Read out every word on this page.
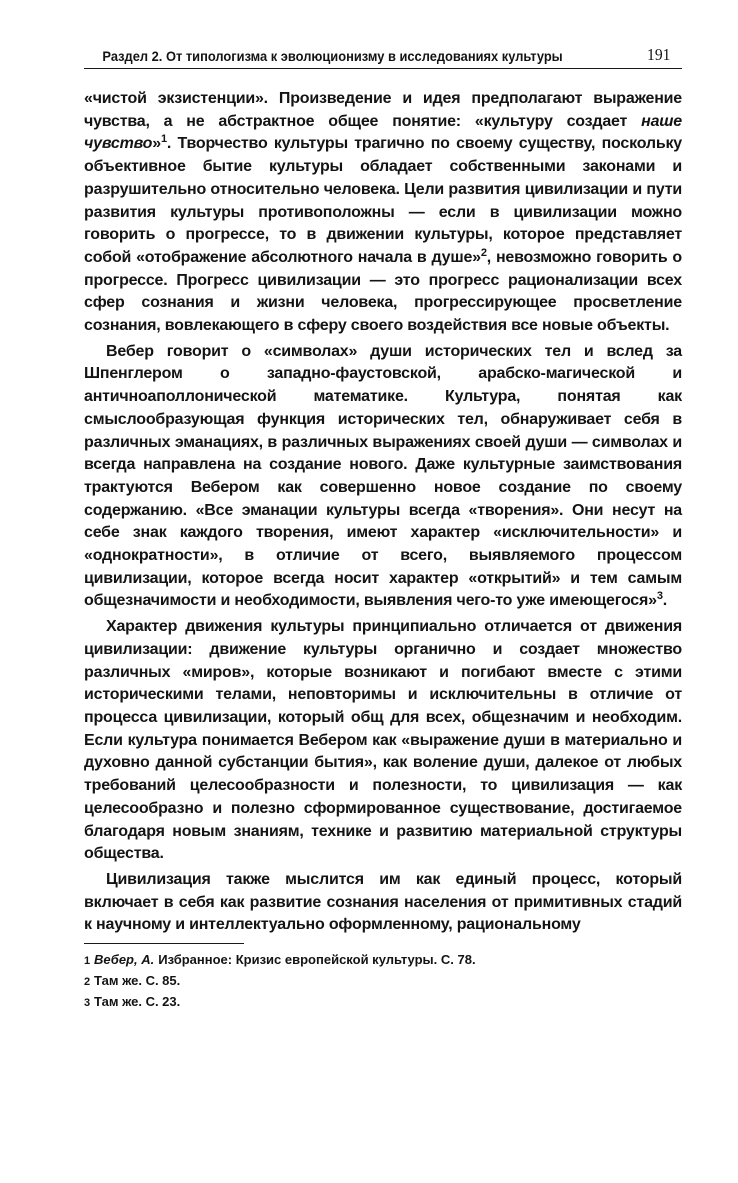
Раздел 2. От типологизма к эволюционизму в исследованиях культуры	191

«чистой экзистенции». Произведение и идея предполагают выражение чувства, а не абстрактное общее понятие: «культуру создает наше чувство»$^1$. Творчество культуры трагично по своему существу, поскольку объективное бытие культуры обладает собственными законами и разрушительно относительно человека. Цели развития цивилизации и пути развития культуры противоположны — если в цивилизации можно говорить о прогрессе, то в движении культуры, которое представляет собой «отображение абсолютного начала в душе»$^2$, невозможно говорить о прогрессе. Прогресс цивилизации — это прогресс рационализации всех сфер сознания и жизни человека, прогрессирующее просветление сознания, вовлекающего в сферу своего воздействия все новые объекты.

Вебер говорит о «символах» души исторических тел и вслед за Шпенглером о западно-фаустовской, арабско-магической и античноаполлонической математике. Культура, понятая как смыслообразующая функция исторических тел, обнаруживает себя в различных эманациях, в различных выражениях своей души — символах и всегда направлена на создание нового. Даже культурные заимствования трактуются Вебером как совершенно новое создание по своему содержанию. «Все эманации культуры всегда «творения». Они несут на себе знак каждого творения, имеют характер «исключительности» и «однократности», в отличие от всего, выявляемого процессом цивилизации, которое всегда носит характер «открытий» и тем самым общезначимости и необходимости, выявления чего-то уже имеющегося»$^3$.

Характер движения культуры принципиально отличается от движения цивилизации: движение культуры органично и создает множество различных «миров», которые возникают и погибают вместе с этими историческими телами, неповторимы и исключительны в отличие от процесса цивилизации, который общ для всех, общезначим и необходим. Если культура понимается Вебером как «выражение души в материально и духовно данной субстанции бытия», как воление души, далекое от любых требований целесообразности и полезности, то цивилизация — как целесообразно и полезно сформированное существование, достигаемое благодаря новым знаниям, технике и развитию материальной структуры общества.

Цивилизация также мыслится им как единый процесс, который включает в себя как развитие сознания населения от примитивных стадий к научному и интеллектуально оформленному, рациональному

1 Вебер, А. Избранное: Кризис европейской культуры. С. 78.
2 Там же. С. 85.
3 Там же. С. 23.
